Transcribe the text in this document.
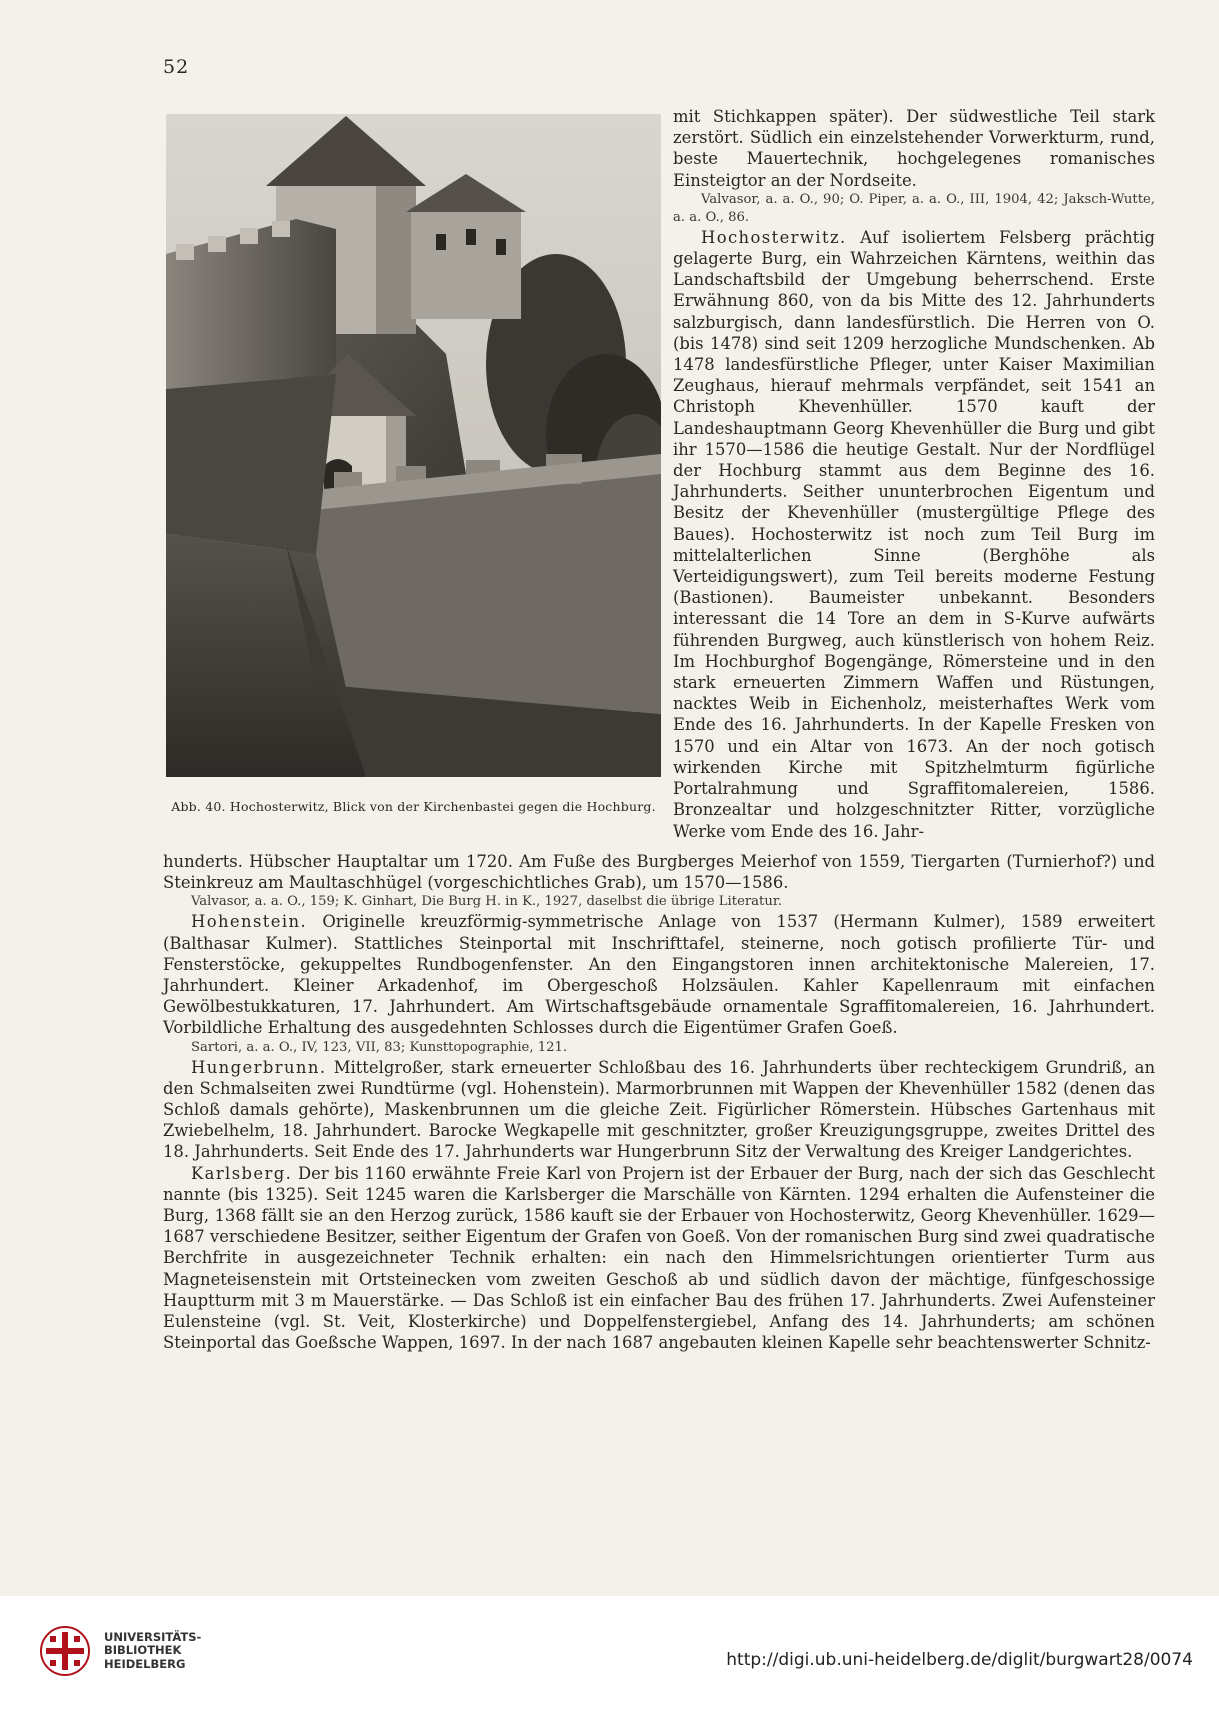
52
Abb. 40. Hochosterwitz, Blick von der Kirchenbastei gegen die Hochburg.

mit Stichkappen später). Der südwestliche Teil stark zerstört. Südlich ein einzelstehender Vorwerkturm, rund, beste Mauertechnik, hochgelegenes romanisches Einsteigtor an der Nordseite.

Valvasor, a. a. O., 90; O. Piper, a. a. O., III, 1904, 42; Jaksch-Wutte, a. a. O., 86.

Hochosterwitz. Auf isoliertem Felsberg prächtig gelagerte Burg, ein Wahrzeichen Kärntens, weithin das Landschaftsbild der Umgebung beherrschend. Erste Erwähnung 860, von da bis Mitte des 12. Jahrhunderts salzburgisch, dann landesfürstlich. Die Herren von O. (bis 1478) sind seit 1209 herzogliche Mundschenken. Ab 1478 landesfürstliche Pfleger, unter Kaiser Maximilian Zeughaus, hierauf mehrmals verpfändet, seit 1541 an Christoph Khevenhüller. 1570 kauft der Landeshauptmann Georg Khevenhüller die Burg und gibt ihr 1570—1586 die heutige Gestalt. Nur der Nordflügel der Hochburg stammt aus dem Beginne des 16. Jahrhunderts. Seither ununterbrochen Eigentum und Besitz der Khevenhüller (mustergültige Pflege des Baues). Hochosterwitz ist noch zum Teil Burg im mittelalterlichen Sinne (Berghöhe als Verteidigungswert), zum Teil bereits moderne Festung (Bastionen). Baumeister unbekannt. Besonders interessant die 14 Tore an dem in S-Kurve aufwärts führenden Burgweg, auch künstlerisch von hohem Reiz. Im Hochburghof Bogengänge, Römersteine und in den stark erneuerten Zimmern Waffen und Rüstungen, nacktes Weib in Eichenholz, meisterhaftes Werk vom Ende des 16. Jahrhunderts. In der Kapelle Fresken von 1570 und ein Altar von 1673. An der noch gotisch wirkenden Kirche mit Spitzhelmturm figürliche Portalrahmung und Sgraffitomalereien, 1586. Bronzealtar und holzgeschnitzter Ritter, vorzügliche Werke vom Ende des 16. Jahr-

hunderts. Hübscher Hauptaltar um 1720. Am Fuße des Burgberges Meierhof von 1559, Tiergarten (Turnierhof?) und Steinkreuz am Maultaschhügel (vorgeschichtliches Grab), um 1570—1586.

Valvasor, a. a. O., 159; K. Ginhart, Die Burg H. in K., 1927, daselbst die übrige Literatur.

Hohenstein. Originelle kreuzförmig-symmetrische Anlage von 1537 (Hermann Kulmer), 1589 erweitert (Balthasar Kulmer). Stattliches Steinportal mit Inschrifttafel, steinerne, noch gotisch profilierte Tür- und Fensterstöcke, gekuppeltes Rundbogenfenster. An den Eingangstoren innen architektonische Malereien, 17. Jahrhundert. Kleiner Arkadenhof, im Obergeschoß Holzsäulen. Kahler Kapellenraum mit einfachen Gewölbestukkaturen, 17. Jahrhundert. Am Wirtschaftsgebäude ornamentale Sgraffitomalereien, 16. Jahrhundert. Vorbildliche Erhaltung des ausgedehnten Schlosses durch die Eigentümer Grafen Goeß.

Sartori, a. a. O., IV, 123, VII, 83; Kunsttopographie, 121.

Hungerbrunn. Mittelgroßer, stark erneuerter Schloßbau des 16. Jahrhunderts über rechteckigem Grundriß, an den Schmalseiten zwei Rundtürme (vgl. Hohenstein). Marmorbrunnen mit Wappen der Khevenhüller 1582 (denen das Schloß damals gehörte), Maskenbrunnen um die gleiche Zeit. Figürlicher Römerstein. Hübsches Gartenhaus mit Zwiebelhelm, 18. Jahrhundert. Barocke Wegkapelle mit geschnitzter, großer Kreuzigungsgruppe, zweites Drittel des 18. Jahrhunderts. Seit Ende des 17. Jahrhunderts war Hungerbrunn Sitz der Verwaltung des Kreiger Landgerichtes.

Karlsberg. Der bis 1160 erwähnte Freie Karl von Projern ist der Erbauer der Burg, nach der sich das Geschlecht nannte (bis 1325). Seit 1245 waren die Karlsberger die Marschälle von Kärnten. 1294 erhalten die Aufensteiner die Burg, 1368 fällt sie an den Herzog zurück, 1586 kauft sie der Erbauer von Hochosterwitz, Georg Khevenhüller. 1629—1687 verschiedene Besitzer, seither Eigentum der Grafen von Goeß. Von der romanischen Burg sind zwei quadratische Berchfrite in ausgezeichneter Technik erhalten: ein nach den Himmelsrichtungen orientierter Turm aus Magneteisenstein mit Ortsteinecken vom zweiten Geschoß ab und südlich davon der mächtige, fünfgeschossige Hauptturm mit 3 m Mauerstärke. — Das Schloß ist ein einfacher Bau des frühen 17. Jahrhunderts. Zwei Aufensteiner Eulensteine (vgl. St. Veit, Klosterkirche) und Doppelfenstergiebel, Anfang des 14. Jahrhunderts; am schönen Steinportal das Goeßsche Wappen, 1697. In der nach 1687 angebauten kleinen Kapelle sehr beachtenswerter Schnitz-

UNIVERSITÄTS-
BIBLIOTHEK
HEIDELBERG	http://digi.ub.uni-heidelberg.de/diglit/burgwart28/0074
